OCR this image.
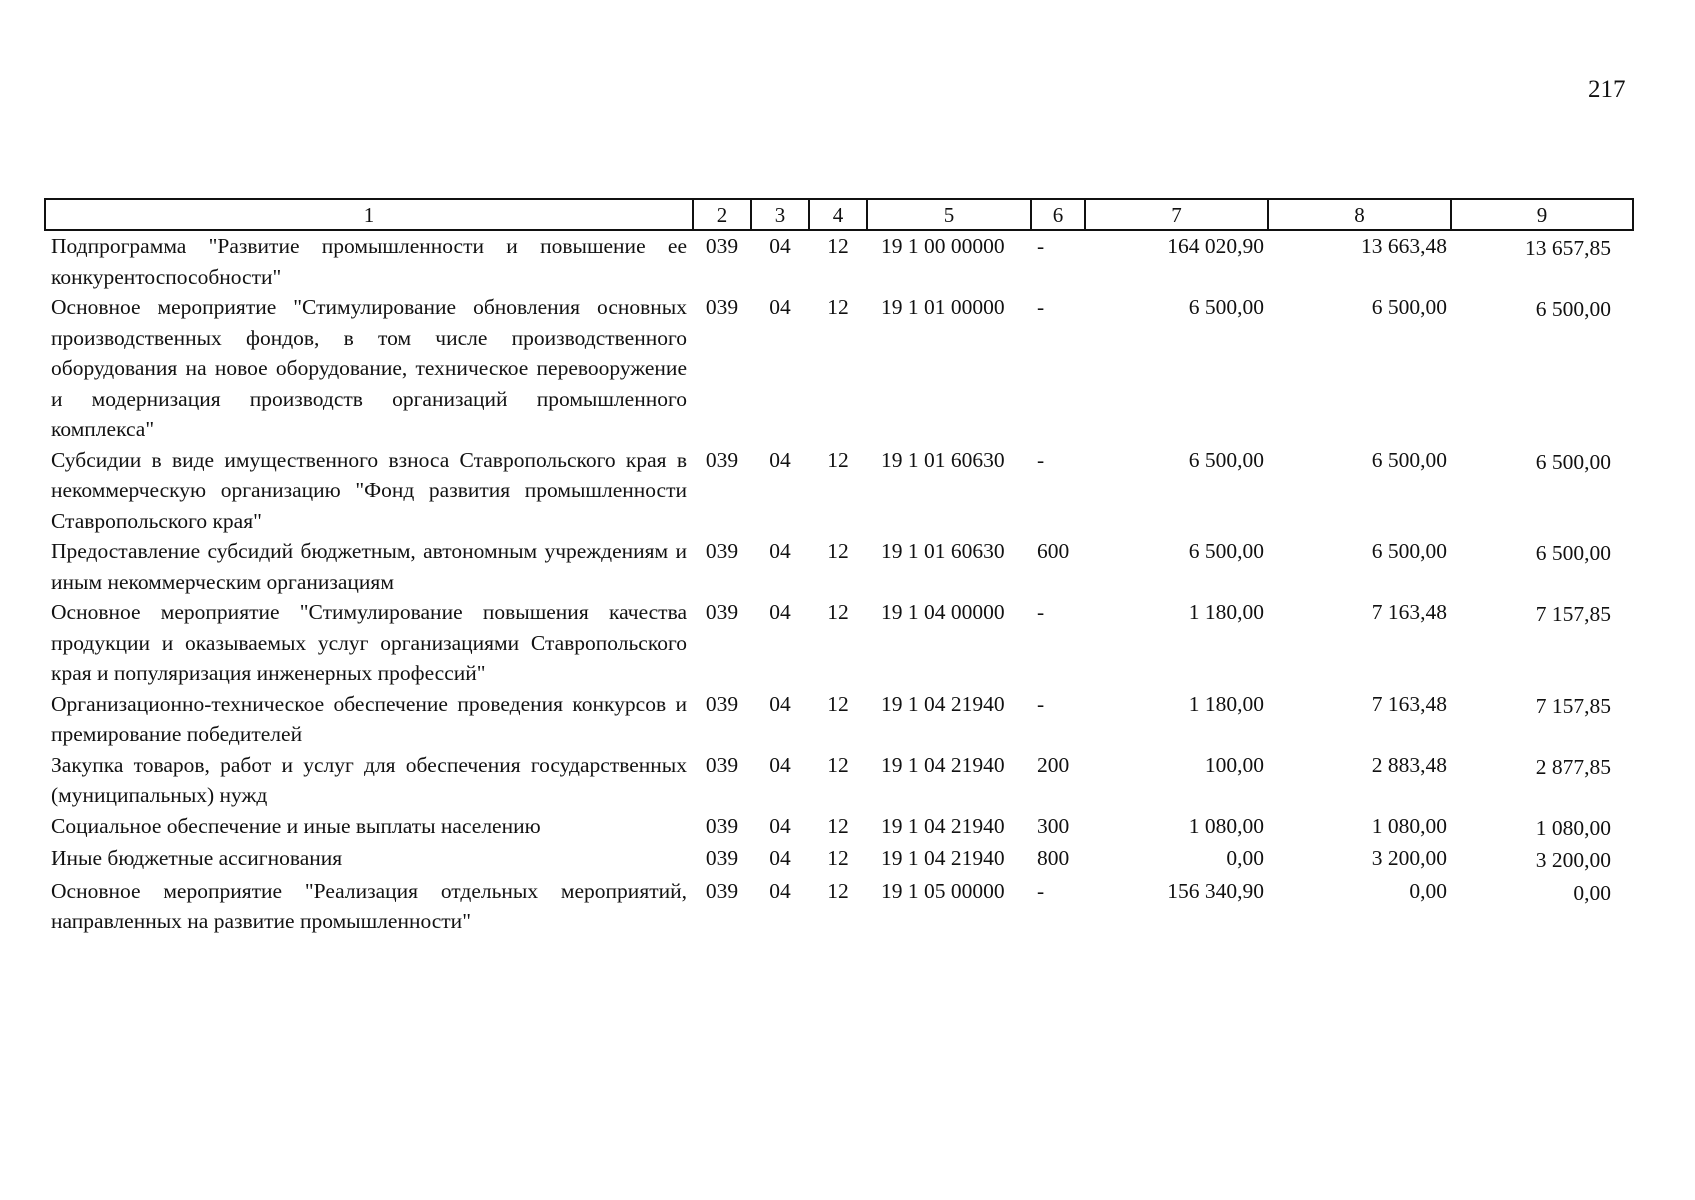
217
1	2	3	4	5	6	7	8	9
Подпрограмма "Развитие промышленности и повышение ее конкурентоспособности"	039	04	12	19 1 00 00000	-	164 020,90	13 663,48	13 657,85
Основное мероприятие "Стимулирование обновления основных производственных фондов, в том числе производственного оборудования на новое оборудование, техническое перевооружение и модернизация производств организаций промышленного комплекса"	039	04	12	19 1 01 00000	-	6 500,00	6 500,00	6 500,00
Субсидии в виде имущественного взноса Ставропольского края в некоммерческую организацию "Фонд развития промышленности Ставропольского края"	039	04	12	19 1 01 60630	-	6 500,00	6 500,00	6 500,00
Предоставление субсидий бюджетным, автономным учреждениям и иным некоммерческим организациям	039	04	12	19 1 01 60630	600	6 500,00	6 500,00	6 500,00
Основное мероприятие "Стимулирование повышения качества продукции и оказываемых услуг организациями Ставропольского края и популяризация инженерных профессий"	039	04	12	19 1 04 00000	-	1 180,00	7 163,48	7 157,85
Организационно-техническое обеспечение проведения конкурсов и премирование победителей	039	04	12	19 1 04 21940	-	1 180,00	7 163,48	7 157,85
Закупка товаров, работ и услуг для обеспечения государственных (муниципальных) нужд	039	04	12	19 1 04 21940	200	100,00	2 883,48	2 877,85
Социальное обеспечение и иные выплаты населению	039	04	12	19 1 04 21940	300	1 080,00	1 080,00	1 080,00
Иные бюджетные ассигнования	039	04	12	19 1 04 21940	800	0,00	3 200,00	3 200,00
Основное мероприятие "Реализация отдельных мероприятий, направленных на развитие промышленности"	039	04	12	19 1 05 00000	-	156 340,90	0,00	0,00
